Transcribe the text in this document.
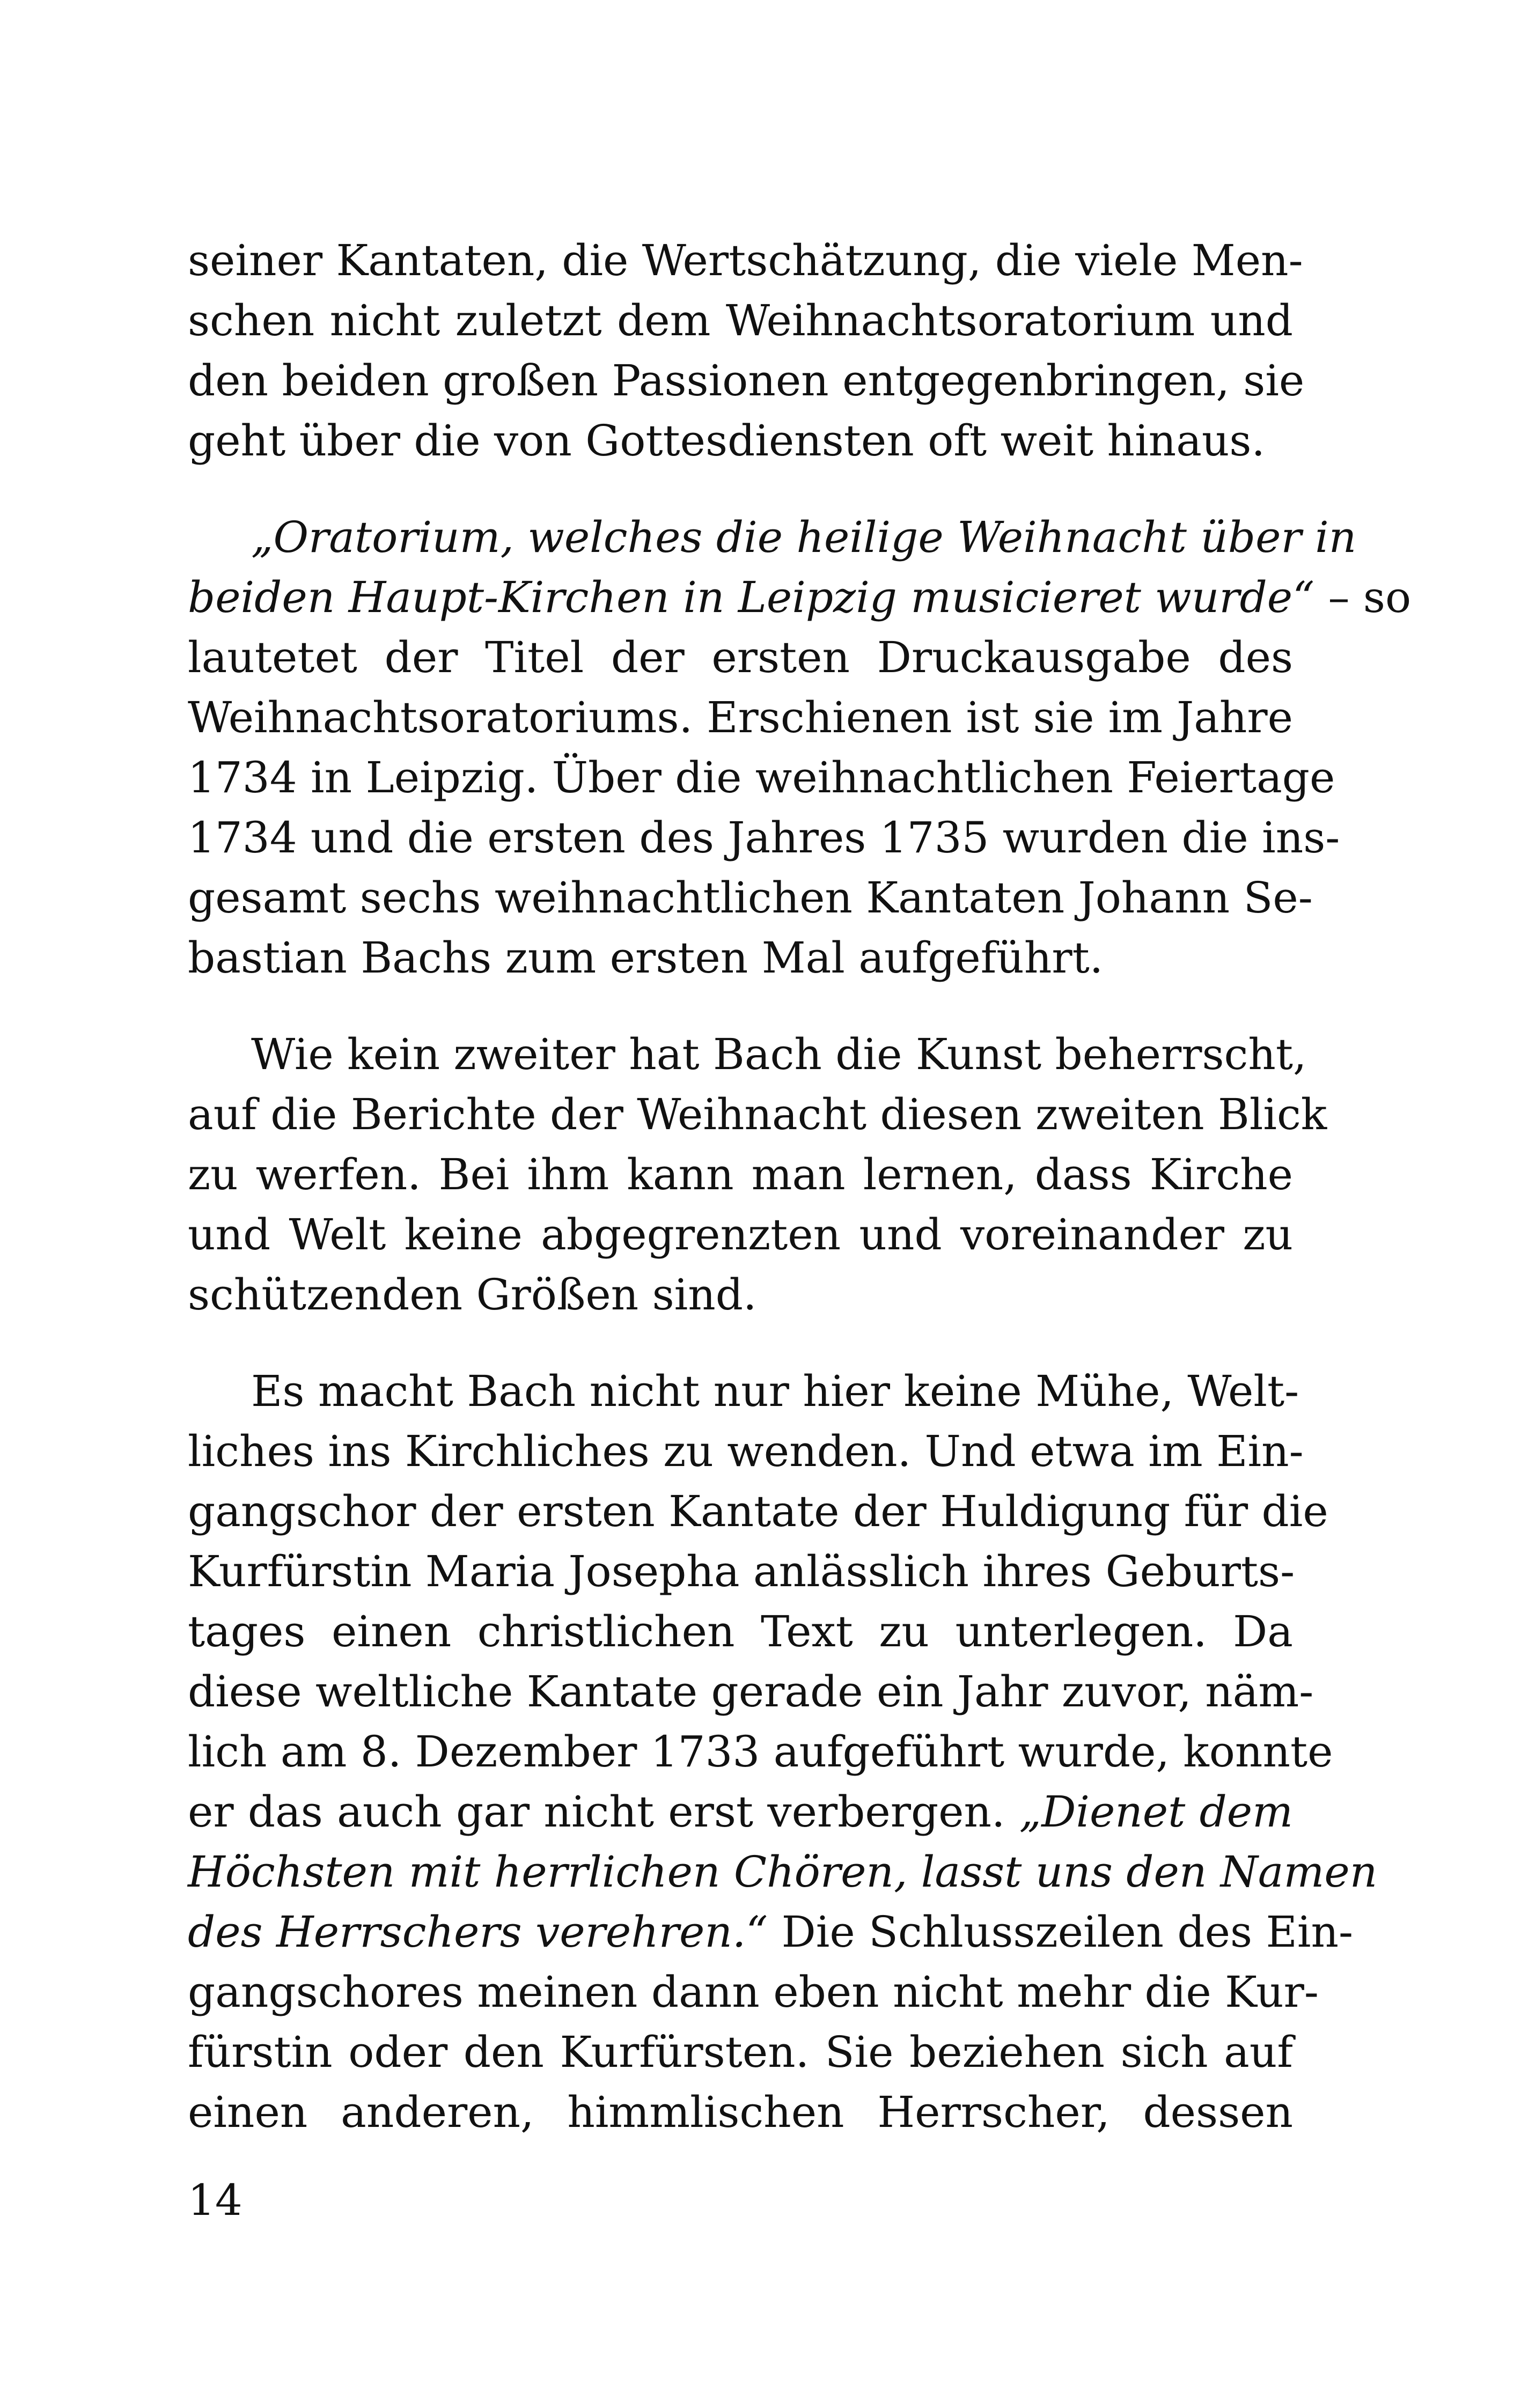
seiner Kantaten, die Wertschätzung, die viele Men-
schen nicht zuletzt dem Weihnachtsoratorium und
den beiden großen Passionen entgegenbringen, sie
geht über die von Gottesdiensten oft weit hinaus.
„Oratorium, welches die heilige Weihnacht über in
beiden Haupt-Kirchen in Leipzig musicieret wurde“ – so
lautetet der Titel der ersten Druckausgabe des
Weihnachtsoratoriums. Erschienen ist sie im Jahre
1734 in Leipzig. Über die weihnachtlichen Feiertage
1734 und die ersten des Jahres 1735 wurden die ins-
gesamt sechs weihnachtlichen Kantaten Johann Se-
bastian Bachs zum ersten Mal aufgeführt.
Wie kein zweiter hat Bach die Kunst beherrscht,
auf die Berichte der Weihnacht diesen zweiten Blick
zu werfen. Bei ihm kann man lernen, dass Kirche
und Welt keine abgegrenzten und voreinander zu
schützenden Größen sind.
Es macht Bach nicht nur hier keine Mühe, Welt-
liches ins Kirchliches zu wenden. Und etwa im Ein-
gangschor der ersten Kantate der Huldigung für die
Kurfürstin Maria Josepha anlässlich ihres Geburts-
tages einen christlichen Text zu unterlegen. Da
diese weltliche Kantate gerade ein Jahr zuvor, näm-
lich am 8. Dezember 1733 aufgeführt wurde, konnte
er das auch gar nicht erst verbergen. „Dienet dem
Höchsten mit herrlichen Chören, lasst uns den Namen
des Herrschers verehren.“ Die Schlusszeilen des Ein-
gangschores meinen dann eben nicht mehr die Kur-
fürstin oder den Kurfürsten. Sie beziehen sich auf
einen anderen, himmlischen Herrscher, dessen
14
